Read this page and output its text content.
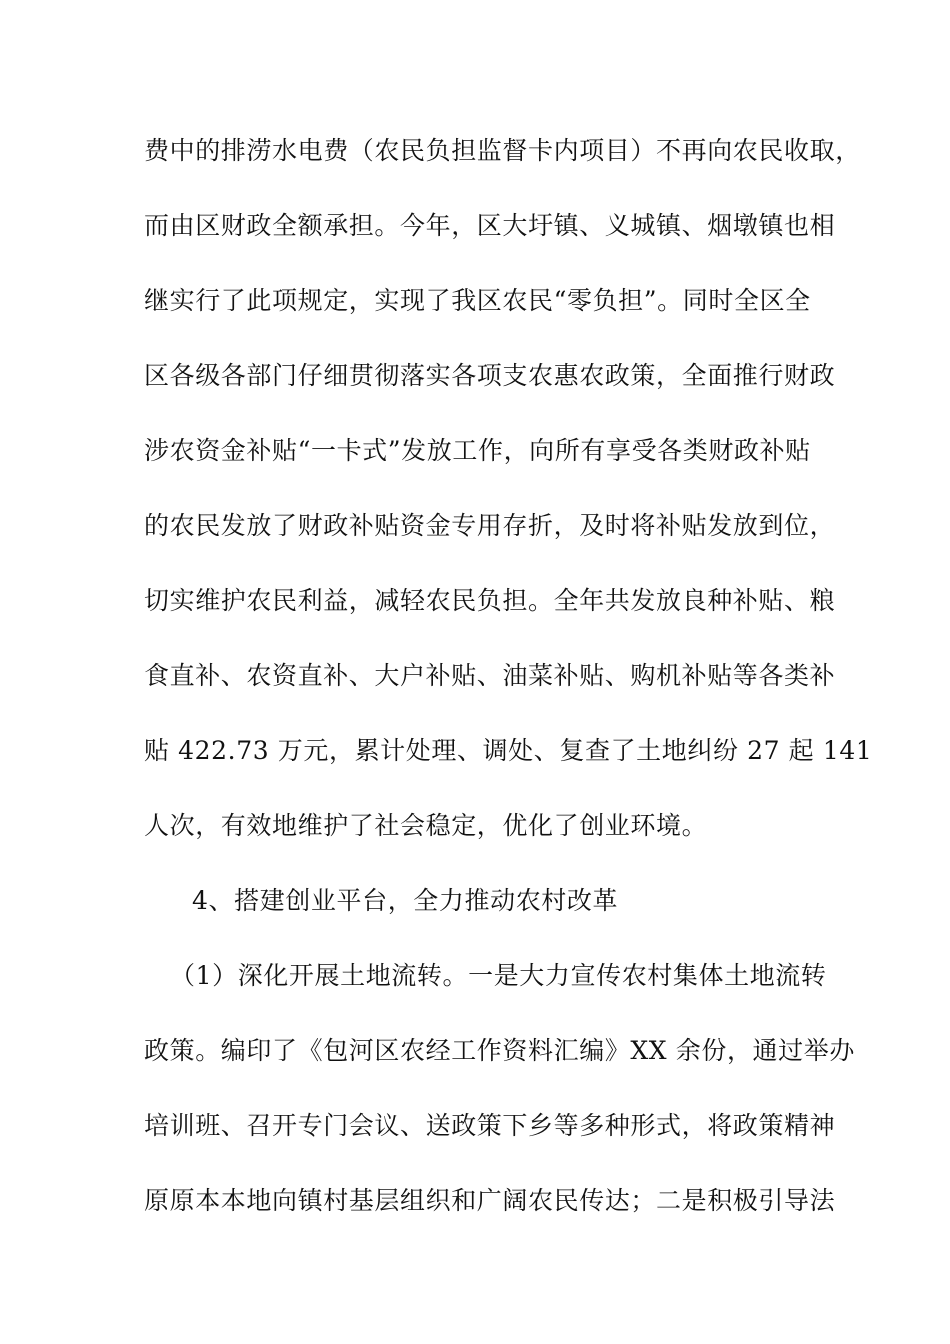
费中的排涝水电费（农民负担监督卡内项目）不再向农民收取，
而由区财政全额承担。今年，区大圩镇、义城镇、烟墩镇也相
继实行了此项规定，实现了我区农民“零负担”。同时全区全
区各级各部门仔细贯彻落实各项支农惠农政策，全面推行财政
涉农资金补贴“一卡式”发放工作，向所有享受各类财政补贴
的农民发放了财政补贴资金专用存折，及时将补贴发放到位，
切实维护农民利益，减轻农民负担。全年共发放良种补贴、粮
食直补、农资直补、大户补贴、油菜补贴、购机补贴等各类补
贴 422.73 万元，累计处理、调处、复查了土地纠纷 27 起 141
人次，有效地维护了社会稳定，优化了创业环境。
4、搭建创业平台，全力推动农村改革
（1）深化开展土地流转。一是大力宣传农村集体土地流转
政策。编印了《包河区农经工作资料汇编》XX 余份，通过举办
培训班、召开专门会议、送政策下乡等多种形式，将政策精神
原原本本地向镇村基层组织和广阔农民传达；二是积极引导法
